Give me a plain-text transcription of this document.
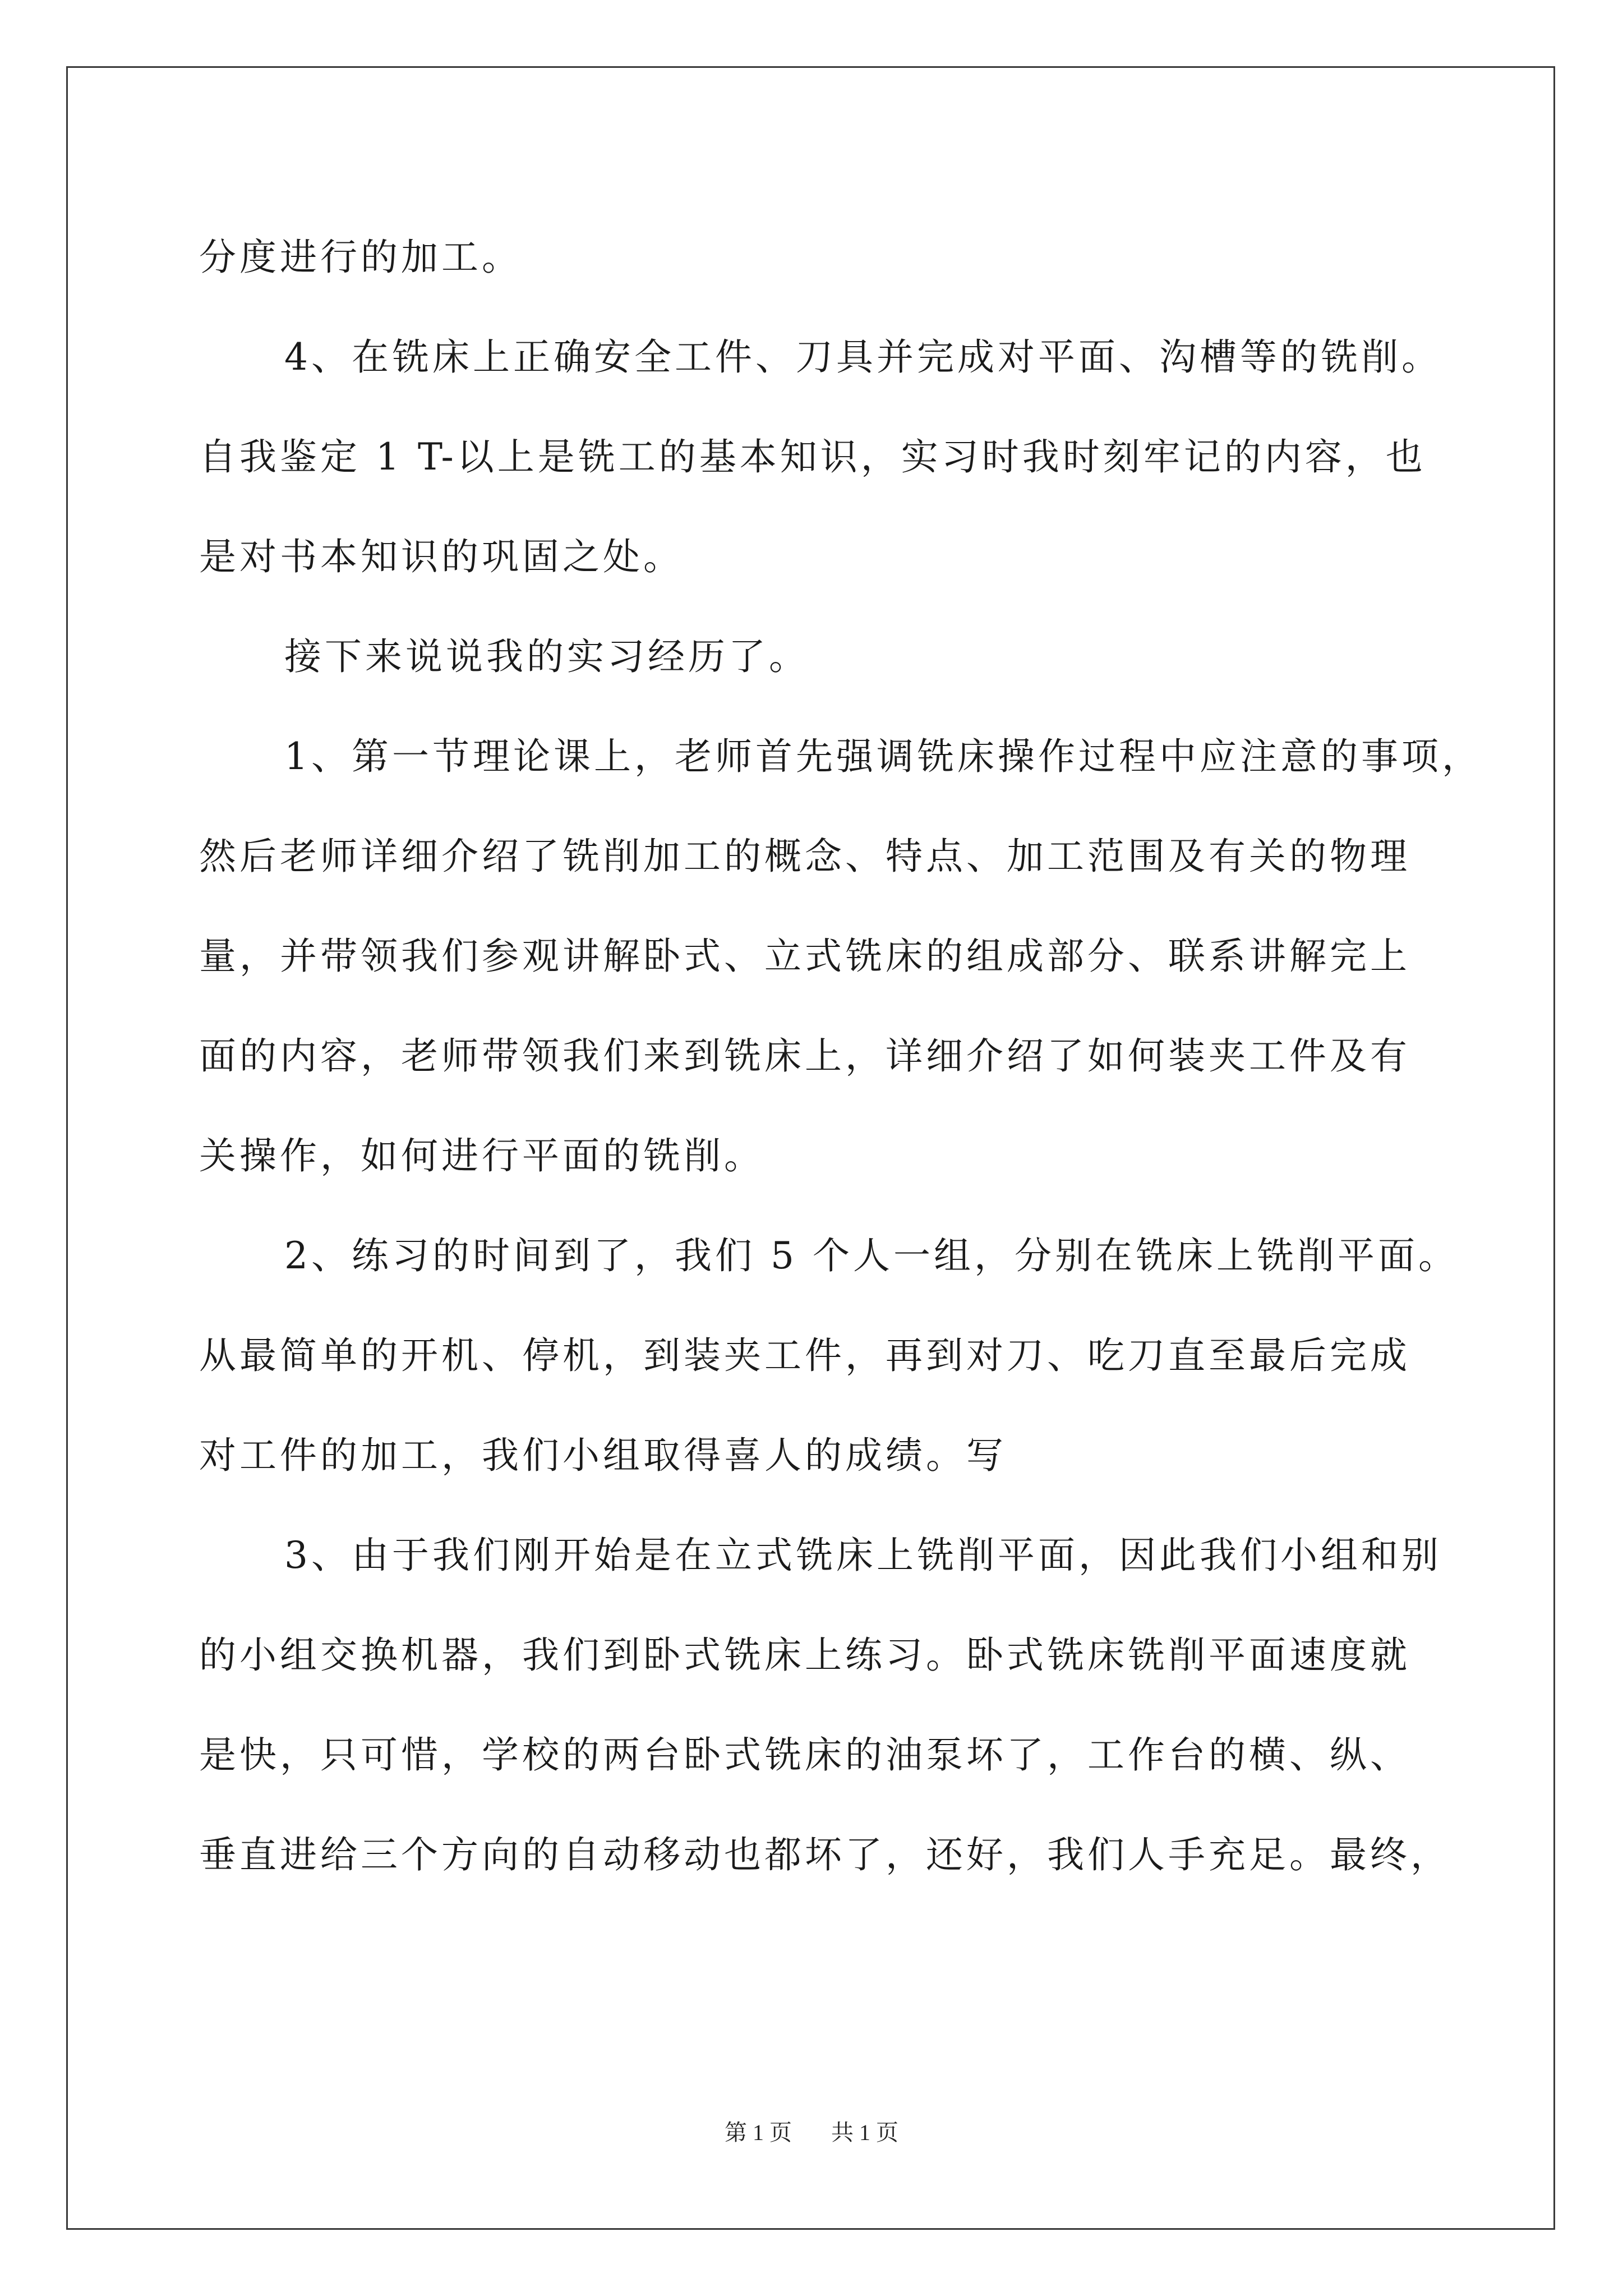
分度进行的加工。
4、在铣床上正确安全工件、刀具并完成对平面、沟槽等的铣削。
自我鉴定 1 T-以上是铣工的基本知识，实习时我时刻牢记的内容，也
是对书本知识的巩固之处。
接下来说说我的实习经历了。
1、第一节理论课上，老师首先强调铣床操作过程中应注意的事项，
然后老师详细介绍了铣削加工的概念、特点、加工范围及有关的物理
量，并带领我们参观讲解卧式、立式铣床的组成部分、联系讲解完上
面的内容，老师带领我们来到铣床上，详细介绍了如何装夹工件及有
关操作，如何进行平面的铣削。
2、练习的时间到了，我们 5 个人一组，分别在铣床上铣削平面。
从最简单的开机、停机，到装夹工件，再到对刀、吃刀直至最后完成
对工件的加工，我们小组取得喜人的成绩。写
3、由于我们刚开始是在立式铣床上铣削平面，因此我们小组和别
的小组交换机器，我们到卧式铣床上练习。卧式铣床铣削平面速度就
是快，只可惜，学校的两台卧式铣床的油泵坏了，工作台的横、纵、
垂直进给三个方向的自动移动也都坏了，还好，我们人手充足。最终，
第 1 页 共 1 页
